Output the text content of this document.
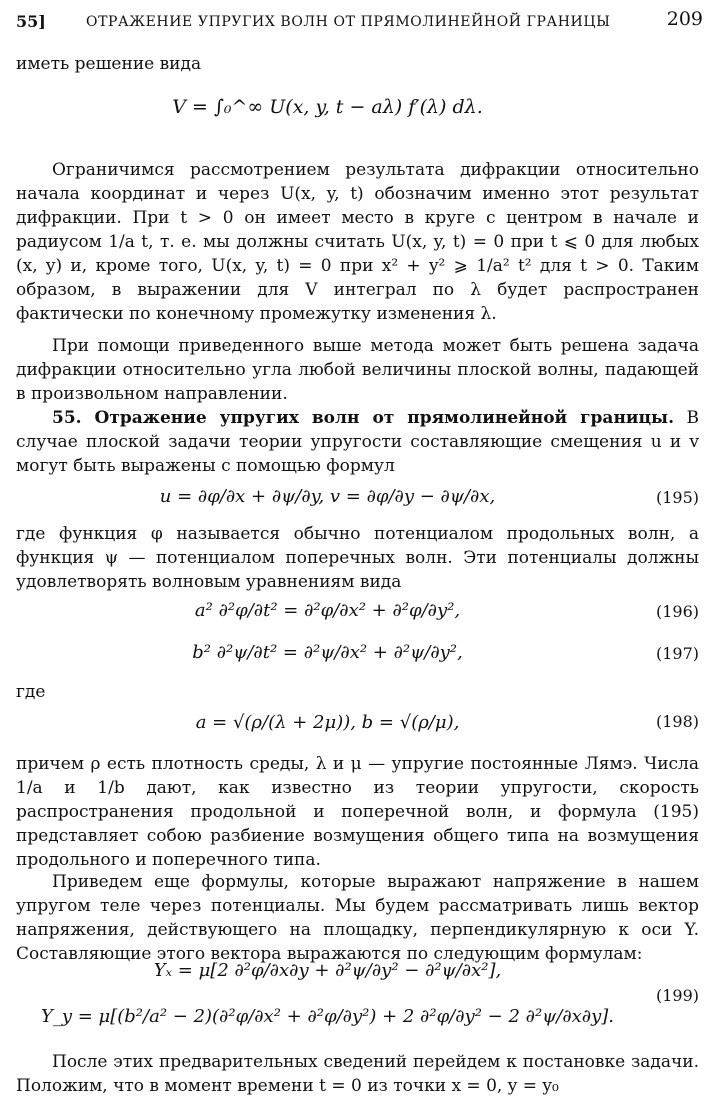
55]	ОТРАЖЕНИЕ УПРУГИХ ВОЛН ОТ ПРЯМОЛИНЕЙНОЙ ГРАНИЦЫ	209
иметь решение вида
V = ∫₀^∞ U(x, y, t − aλ) f′(λ) dλ.
Ограничимся рассмотрением результата дифракции относительно начала координат и через U(x, y, t) обозначим именно этот результат дифракции. При t > 0 он имеет место в круге с центром в начале и радиусом 1/a t, т. е. мы должны считать U(x, y, t) = 0 при t ⩽ 0 для любых (x, y) и, кроме того, U(x, y, t) = 0 при x² + y² ⩾ 1/a² t² для t > 0. Таким образом, в выражении для V интеграл по λ будет распространен фактически по конечному промежутку изменения λ.
При помощи приведенного выше метода может быть решена задача дифракции относительно угла любой величины плоской волны, падающей в произвольном направлении.
55. Отражение упругих волн от прямолинейной границы. В случае плоской задачи теории упругости составляющие смещения u и v могут быть выражены с помощью формул
u = ∂φ/∂x + ∂ψ/∂y, v = ∂φ/∂y − ∂ψ/∂x,	(195)
где функция φ называется обычно потенциалом продольных волн, а функция ψ — потенциалом поперечных волн. Эти потенциалы должны удовлетворять волновым уравнениям вида
a² ∂²φ/∂t² = ∂²φ/∂x² + ∂²φ/∂y²,	(196)
b² ∂²ψ/∂t² = ∂²ψ/∂x² + ∂²ψ/∂y²,	(197)
где
a = √(ρ/(λ + 2μ)), b = √(ρ/μ),	(198)
причем ρ есть плотность среды, λ и μ — упругие постоянные Лямэ. Числа 1/a и 1/b дают, как известно из теории упругости, скорость распространения продольной и поперечной волн, и формула (195) представляет собою разбиение возмущения общего типа на возмущения продольного и поперечного типа.
Приведем еще формулы, которые выражают напряжение в нашем упругом теле через потенциалы. Мы будем рассматривать лишь вектор напряжения, действующего на площадку, перпендикулярную к оси Y. Составляющие этого вектора выражаются по следующим формулам:
Yₓ = μ[2 ∂²φ/∂x∂y + ∂²ψ/∂y² − ∂²ψ/∂x²],
Y_y = μ[(b²/a² − 2)(∂²φ/∂x² + ∂²φ/∂y²) + 2 ∂²φ/∂y² − 2 ∂²ψ/∂x∂y].
(199)
После этих предварительных сведений перейдем к постановке задачи. Положим, что в момент времени t = 0 из точки x = 0, y = y₀
